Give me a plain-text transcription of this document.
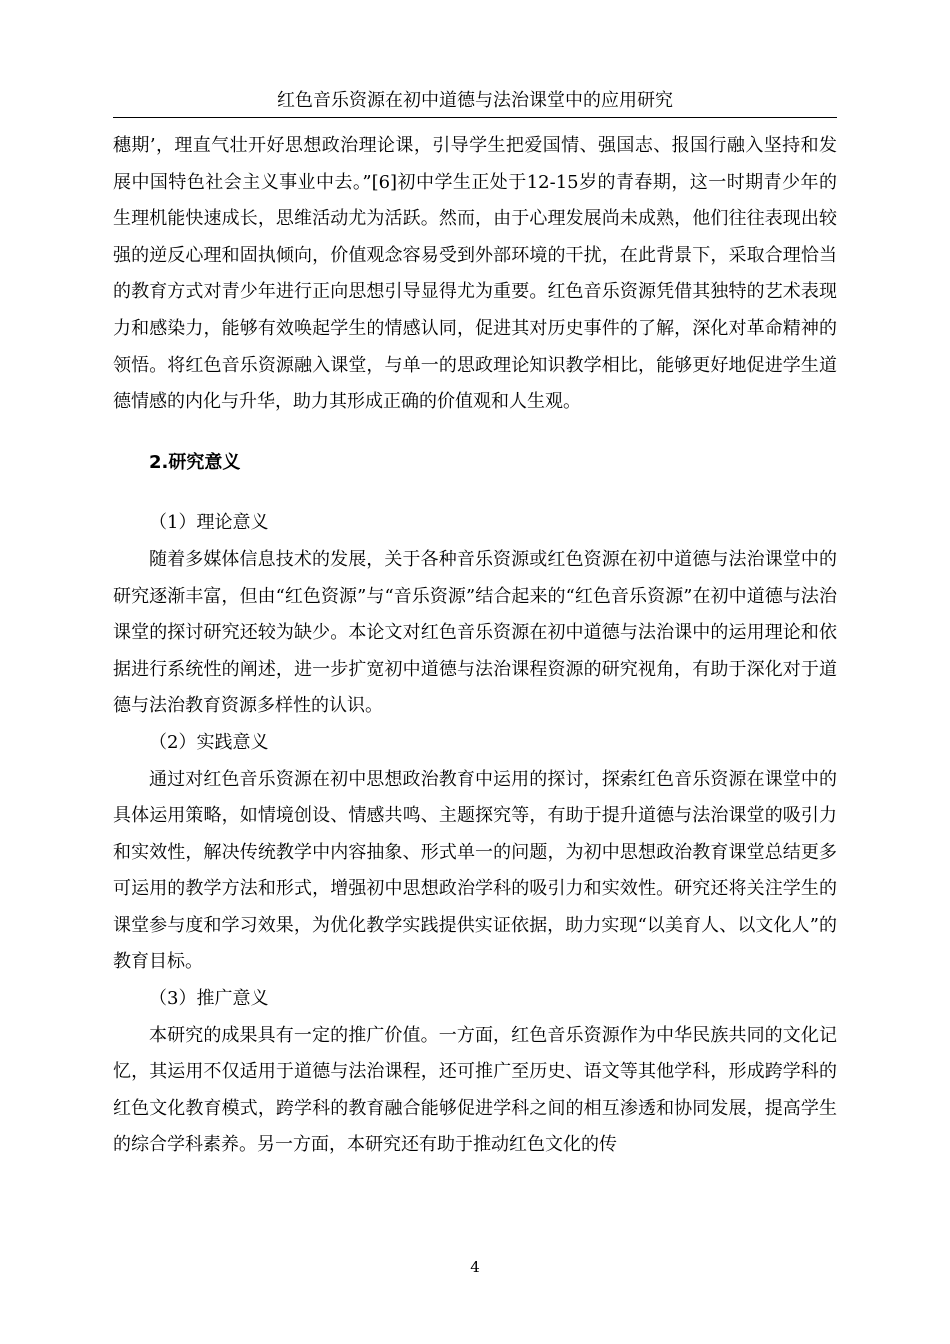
红色音乐资源在初中道德与法治课堂中的应用研究

穗期’，理直气壮开好思想政治理论课，引导学生把爱国情、强国志、报国行融入坚持和发展中国特色社会主义事业中去。”[6]初中学生正处于12-15岁的青春期，这一时期青少年的生理机能快速成长，思维活动尤为活跃。然而，由于心理发展尚未成熟，他们往往表现出较强的逆反心理和固执倾向，价值观念容易受到外部环境的干扰，在此背景下，采取合理恰当的教育方式对青少年进行正向思想引导显得尤为重要。红色音乐资源凭借其独特的艺术表现力和感染力，能够有效唤起学生的情感认同，促进其对历史事件的了解，深化对革命精神的领悟。将红色音乐资源融入课堂，与单一的思政理论知识教学相比，能够更好地促进学生道德情感的内化与升华，助力其形成正确的价值观和人生观。

2.研究意义
（1）理论意义

随着多媒体信息技术的发展，关于各种音乐资源或红色资源在初中道德与法治课堂中的研究逐渐丰富，但由“红色资源”与“音乐资源”结合起来的“红色音乐资源”在初中道德与法治课堂的探讨研究还较为缺少。本论文对红色音乐资源在初中道德与法治课中的运用理论和依据进行系统性的阐述，进一步扩宽初中道德与法治课程资源的研究视角，有助于深化对于道德与法治教育资源多样性的认识。

（2）实践意义

通过对红色音乐资源在初中思想政治教育中运用的探讨，探索红色音乐资源在课堂中的具体运用策略，如情境创设、情感共鸣、主题探究等，有助于提升道德与法治课堂的吸引力和实效性，解决传统教学中内容抽象、形式单一的问题，为初中思想政治教育课堂总结更多可运用的教学方法和形式，增强初中思想政治学科的吸引力和实效性。研究还将关注学生的课堂参与度和学习效果，为优化教学实践提供实证依据，助力实现“以美育人、以文化人”的教育目标。

（3）推广意义

本研究的成果具有一定的推广价值。一方面，红色音乐资源作为中华民族共同的文化记忆，其运用不仅适用于道德与法治课程，还可推广至历史、语文等其他学科，形成跨学科的红色文化教育模式，跨学科的教育融合能够促进学科之间的相互渗透和协同发展，提高学生的综合学科素养。另一方面，本研究还有助于推动红色文化的传

4
